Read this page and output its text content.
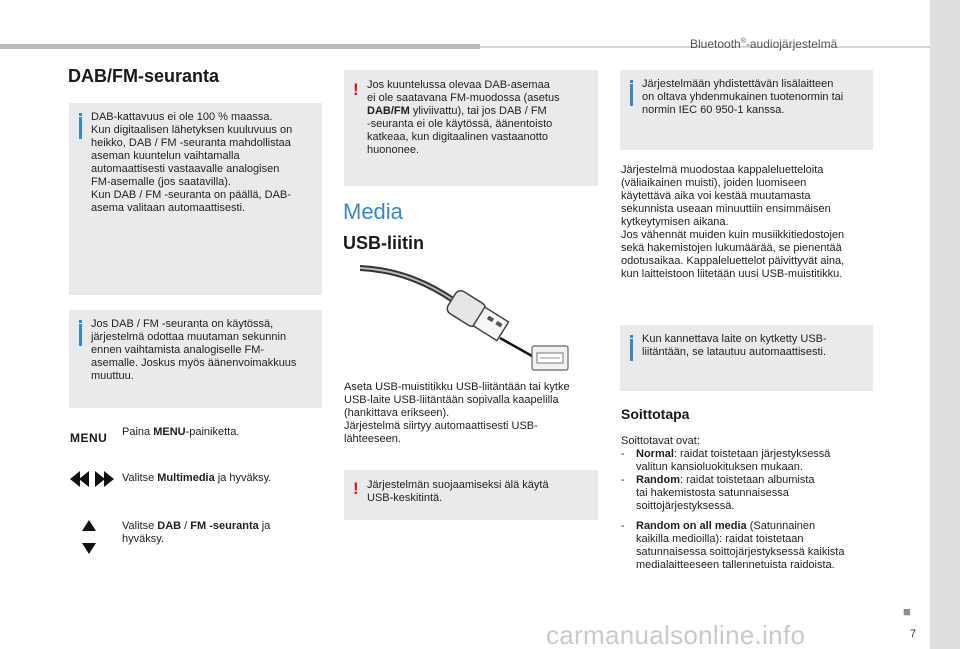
Bluetooth®-audiojärjestelmä
■
7
carmanualsonline.info
DAB/FM-seuranta

DAB-kattavuus ei ole 100 % maassa.
Kun digitaalisen lähetyksen kuuluvuus on
heikko, DAB / FM -seuranta mahdollistaa
aseman kuuntelun vaihtamalla
automaattisesti vastaavalle analogisen
FM-asemalle (jos saatavilla).
Kun DAB / FM -seuranta on päällä, DAB-
asema valitaan automaattisesti.

Jos DAB / FM -seuranta on käytössä,
järjestelmä odottaa muutaman sekunnin
ennen vaihtamista analogiselle FM-
asemalle. Joskus myös äänenvoimakkuus
muuttuu.

MENU Paina MENU-painiketta.
Valitse Multimedia ja hyväksy.
Valitse DAB / FM -seuranta ja
hyväksy.
! Jos kuuntelussa olevaa DAB-asemaa
ei ole saatavana FM-muodossa (asetus
DAB/FM yliviivattu), tai jos DAB / FM
-seuranta ei ole käytössä, äänentoisto
katkeaa, kun digitaalinen vastaanotto
huononee.

Media
USB-liitin
Aseta USB-muistitikku USB-liitäntään tai kytke
USB-laite USB-liitäntään sopivalla kaapelilla
(hankittava erikseen).
Järjestelmä siirtyy automaattisesti USB-
lähteeseen.
! Järjestelmän suojaamiseksi älä käytä
USB-keskitintä.

Järjestelmään yhdistettävän lisälaitteen
on oltava yhdenmukainen tuotenormin tai
normin IEC 60 950-1 kanssa.

Järjestelmä muodostaa kappaleluetteloita
(väliaikainen muisti), joiden luomiseen
käytettävä aika voi kestää muutamasta
sekunnista useaan minuuttiin ensimmäisen
kytkeytymisen aikana.
Jos vähennät muiden kuin musiikkitiedostojen
sekä hakemistojen lukumäärää, se pienentää
odotusaikaa. Kappaleluettelot päivittyvät aina,
kun laitteistoon liitetään uusi USB-muistitikku.

Kun kannettava laite on kytketty USB-
liitäntään, se latautuu automaattisesti.

Soittotapa
Soittotavat ovat:
-	Normal: raidat toistetaan järjestyksessä
valitun kansioluokituksen mukaan.
-	Random: raidat toistetaan albumista
tai hakemistosta satunnaisessa
soittojärjestyksessä.
-	Random on all media (Satunnainen
kaikilla medioilla): raidat toistetaan
satunnaisessa soittojärjestyksessä kaikista
medialaitteeseen tallennetuista raidoista.
